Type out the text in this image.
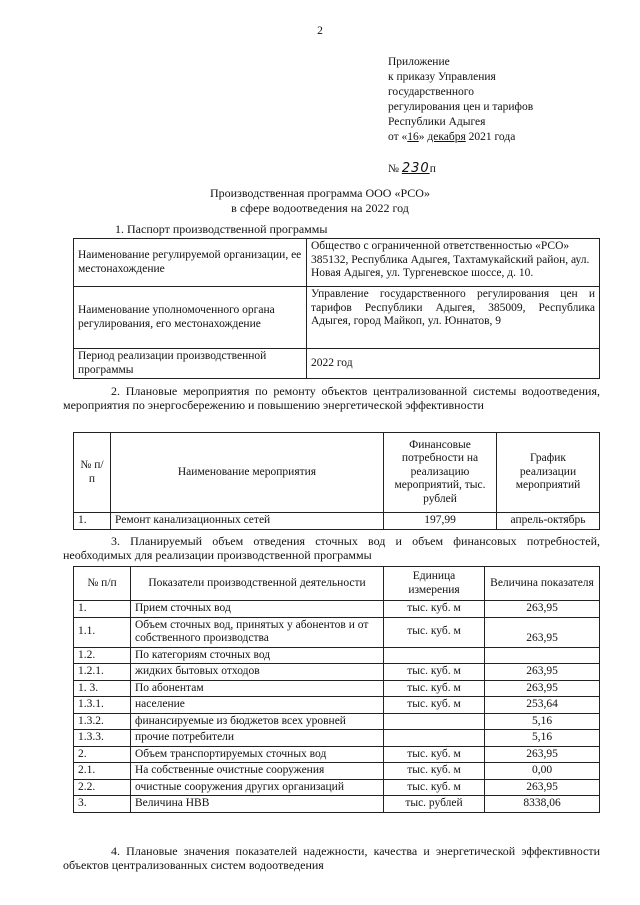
2
Приложение
к приказу Управления
государственного
регулирования цен и тарифов
Республики Адыгея
от «16» декабря 2021 года
№ 230п
Производственная программа ООО «РСО»
в сфере водоотведения на 2022 год
1. Паспорт производственной программы
Наименование регулируемой организации, ее местонахождение	Общество с ограниченной ответственностью «РСО» 385132, Республика Адыгея, Тахтамукайский район, аул. Новая Адыгея, ул. Тургеневское шоссе, д. 10.
Наименование уполномоченного органа регулирования, его местонахождение	Управление государственного регулирования цен и тарифов Республики Адыгея, 385009, Республика Адыгея, город Майкоп, ул. Юннатов, 9
Период реализации производственной программы	2022 год
2. Плановые мероприятия по ремонту объектов централизованной системы водоотведения, мероприятия по энергосбережению и повышению энергетической эффективности
№ п/п	Наименование мероприятия	Финансовые потребности на реализацию мероприятий, тыс. рублей	График реализации мероприятий
1.	Ремонт канализационных сетей	197,99	апрель-октябрь
3. Планируемый объем отведения сточных вод и объем финансовых потребностей, необходимых для реализации производственной программы
№ п/п	Показатели производственной деятельности	Единица измерения	Величина показателя
1.	Прием сточных вод	тыс. куб. м	263,95
1.1.	Объем сточных вод, принятых у абонентов и от собственного производства	тыс. куб. м	263,95
1.2.	По категориям сточных вод		
1.2.1.	жидких бытовых отходов	тыс. куб. м	263,95
1. 3.	По абонентам	тыс. куб. м	263,95
1.3.1.	население	тыс. куб. м	253,64
1.3.2.	финансируемые из бюджетов всех уровней		5,16
1.3.3.	прочие потребители		5,16
2.	Объем транспортируемых сточных вод	тыс. куб. м	263,95
2.1.	На собственные очистные сооружения	тыс. куб. м	0,00
2.2.	очистные сооружения других организаций	тыс. куб. м	263,95
3.	Величина НВВ	тыс. рублей	8338,06
4. Плановые значения показателей надежности, качества и энергетической эффективности объектов централизованных систем водоотведения
